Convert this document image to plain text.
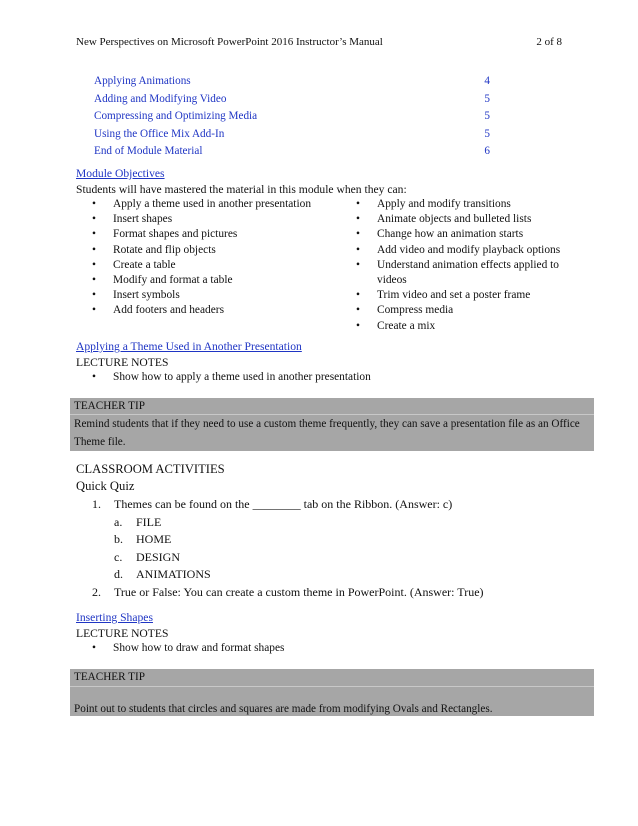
New Perspectives on Microsoft PowerPoint 2016 Instructor’s Manual	2 of 8
Applying Animations	4
Adding and Modifying Video	5
Compressing and Optimizing Media	5
Using the Office Mix Add-In	5
End of Module Material	6
Module Objectives
Students will have mastered the material in this module when they can:
•	Apply a theme used in another presentation
•	Insert shapes
•	Format shapes and pictures
•	Rotate and flip objects
•	Create a table
•	Modify and format a table
•	Insert symbols
•	Add footers and headers
•	Apply and modify transitions
•	Animate objects and bulleted lists
•	Change how an animation starts
•	Add video and modify playback options
•	Understand animation effects applied to videos
•	Trim video and set a poster frame
•	Compress media
•	Create a mix
Applying a Theme Used in Another Presentation
LECTURE NOTES
•	Show how to apply a theme used in another presentation
TEACHER TIP
Remind students that if they need to use a custom theme frequently, they can save a presentation file as an Office Theme file.
CLASSROOM ACTIVITIES
Quick Quiz
1.	Themes can be found on the ________ tab on the Ribbon. (Answer: c)
a.	FILE
b.	HOME
c.	DESIGN
d.	ANIMATIONS
2.	True or False: You can create a custom theme in PowerPoint. (Answer: True)
Inserting Shapes
LECTURE NOTES
•	Show how to draw and format shapes
TEACHER TIP
Point out to students that circles and squares are made from modifying Ovals and Rectangles.
